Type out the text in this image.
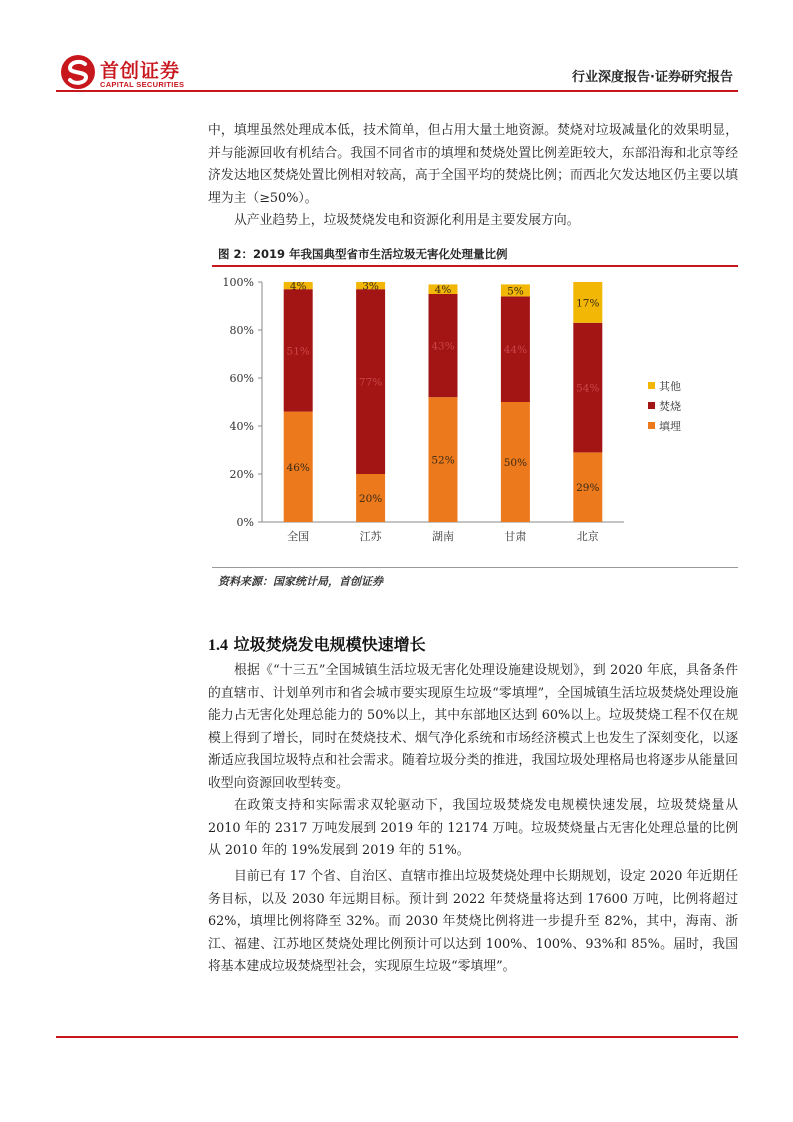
首创证券
CAPITAL SECURITIES	行业深度报告·证券研究报告

中，填埋虽然处理成本低，技术简单，但占用大量土地资源。焚烧对垃圾减量化的效果明显，并与能源回收有机结合。我国不同省市的填埋和焚烧处置比例差距较大，东部沿海和北京等经济发达地区焚烧处置比例相对较高，高于全国平均的焚烧比例；而西北欠发达地区仍主要以填埋为主（≥50%）。

从产业趋势上，垃圾焚烧发电和资源化利用是主要发展方向。

图 2：2019 年我国典型省市生活垃圾无害化处理量比例
0%
20%
40%
60%
80%
100%
全国	江苏	湖南	甘肃	北京
46%
51%
4%
20%
77%
3%
52%
43%
4%
50%
44%
5%
29%
54%
17%
其他
焚烧
填埋
资料来源：国家统计局，首创证券
1.4 垃圾焚烧发电规模快速增长

根据《“十三五”全国城镇生活垃圾无害化处理设施建设规划》，到 2020 年底，具备条件的直辖市、计划单列市和省会城市要实现原生垃圾“零填埋”，全国城镇生活垃圾焚烧处理设施能力占无害化处理总能力的 50%以上，其中东部地区达到 60%以上。垃圾焚烧工程不仅在规模上得到了增长，同时在焚烧技术、烟气净化系统和市场经济模式上也发生了深刻变化，以逐渐适应我国垃圾特点和社会需求。随着垃圾分类的推进，我国垃圾处理格局也将逐步从能量回收型向资源回收型转变。

在政策支持和实际需求双轮驱动下，我国垃圾焚烧发电规模快速发展，垃圾焚烧量从 2010 年的 2317 万吨发展到 2019 年的 12174 万吨。垃圾焚烧量占无害化处理总量的比例从 2010 年的 19%发展到 2019 年的 51%。

目前已有 17 个省、自治区、直辖市推出垃圾焚烧处理中长期规划，设定 2020 年近期任务目标，以及 2030 年远期目标。预计到 2022 年焚烧量将达到 17600 万吨，比例将超过 62%，填埋比例将降至 32%。而 2030 年焚烧比例将进一步提升至 82%，其中，海南、浙江、福建、江苏地区焚烧处理比例预计可以达到 100%、100%、93%和 85%。届时，我国将基本建成垃圾焚烧型社会，实现原生垃圾“零填埋”。
